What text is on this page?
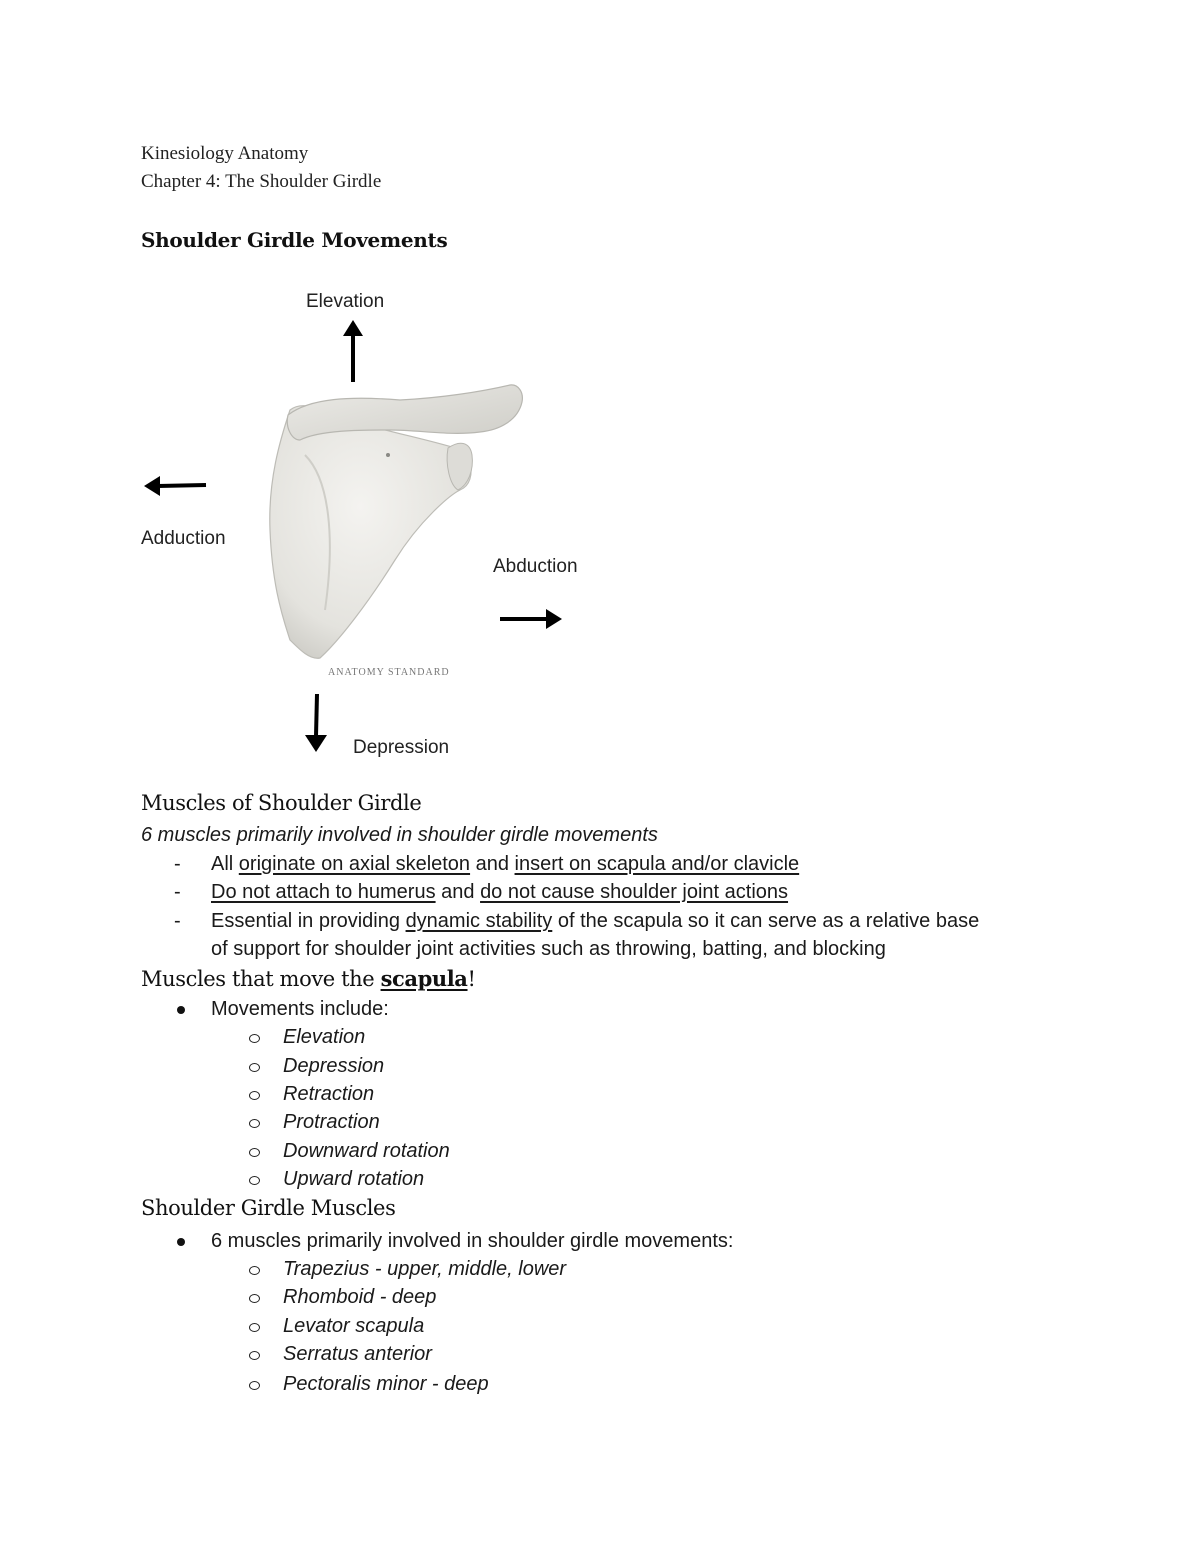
Kinesiology Anatomy
Chapter 4: The Shoulder Girdle
Shoulder Girdle Movements
ANATOMY STANDARD
Elevation
Adduction
Abduction
Depression
Muscles of Shoulder Girdle
6 muscles primarily involved in shoulder girdle movements
- All originate on axial skeleton and insert on scapula and/or clavicle
- Do not attach to humerus and do not cause shoulder joint actions
- Essential in providing dynamic stability of the scapula so it can serve as a relative base
of support for shoulder joint activities such as throwing, batting, and blocking
Muscles that move the scapula!
Movements include:
Elevation
Depression
Retraction
Protraction
Downward rotation
Upward rotation
Shoulder Girdle Muscles
6 muscles primarily involved in shoulder girdle movements:
Trapezius - upper, middle, lower
Rhomboid - deep
Levator scapula
Serratus anterior
Pectoralis minor - deep
